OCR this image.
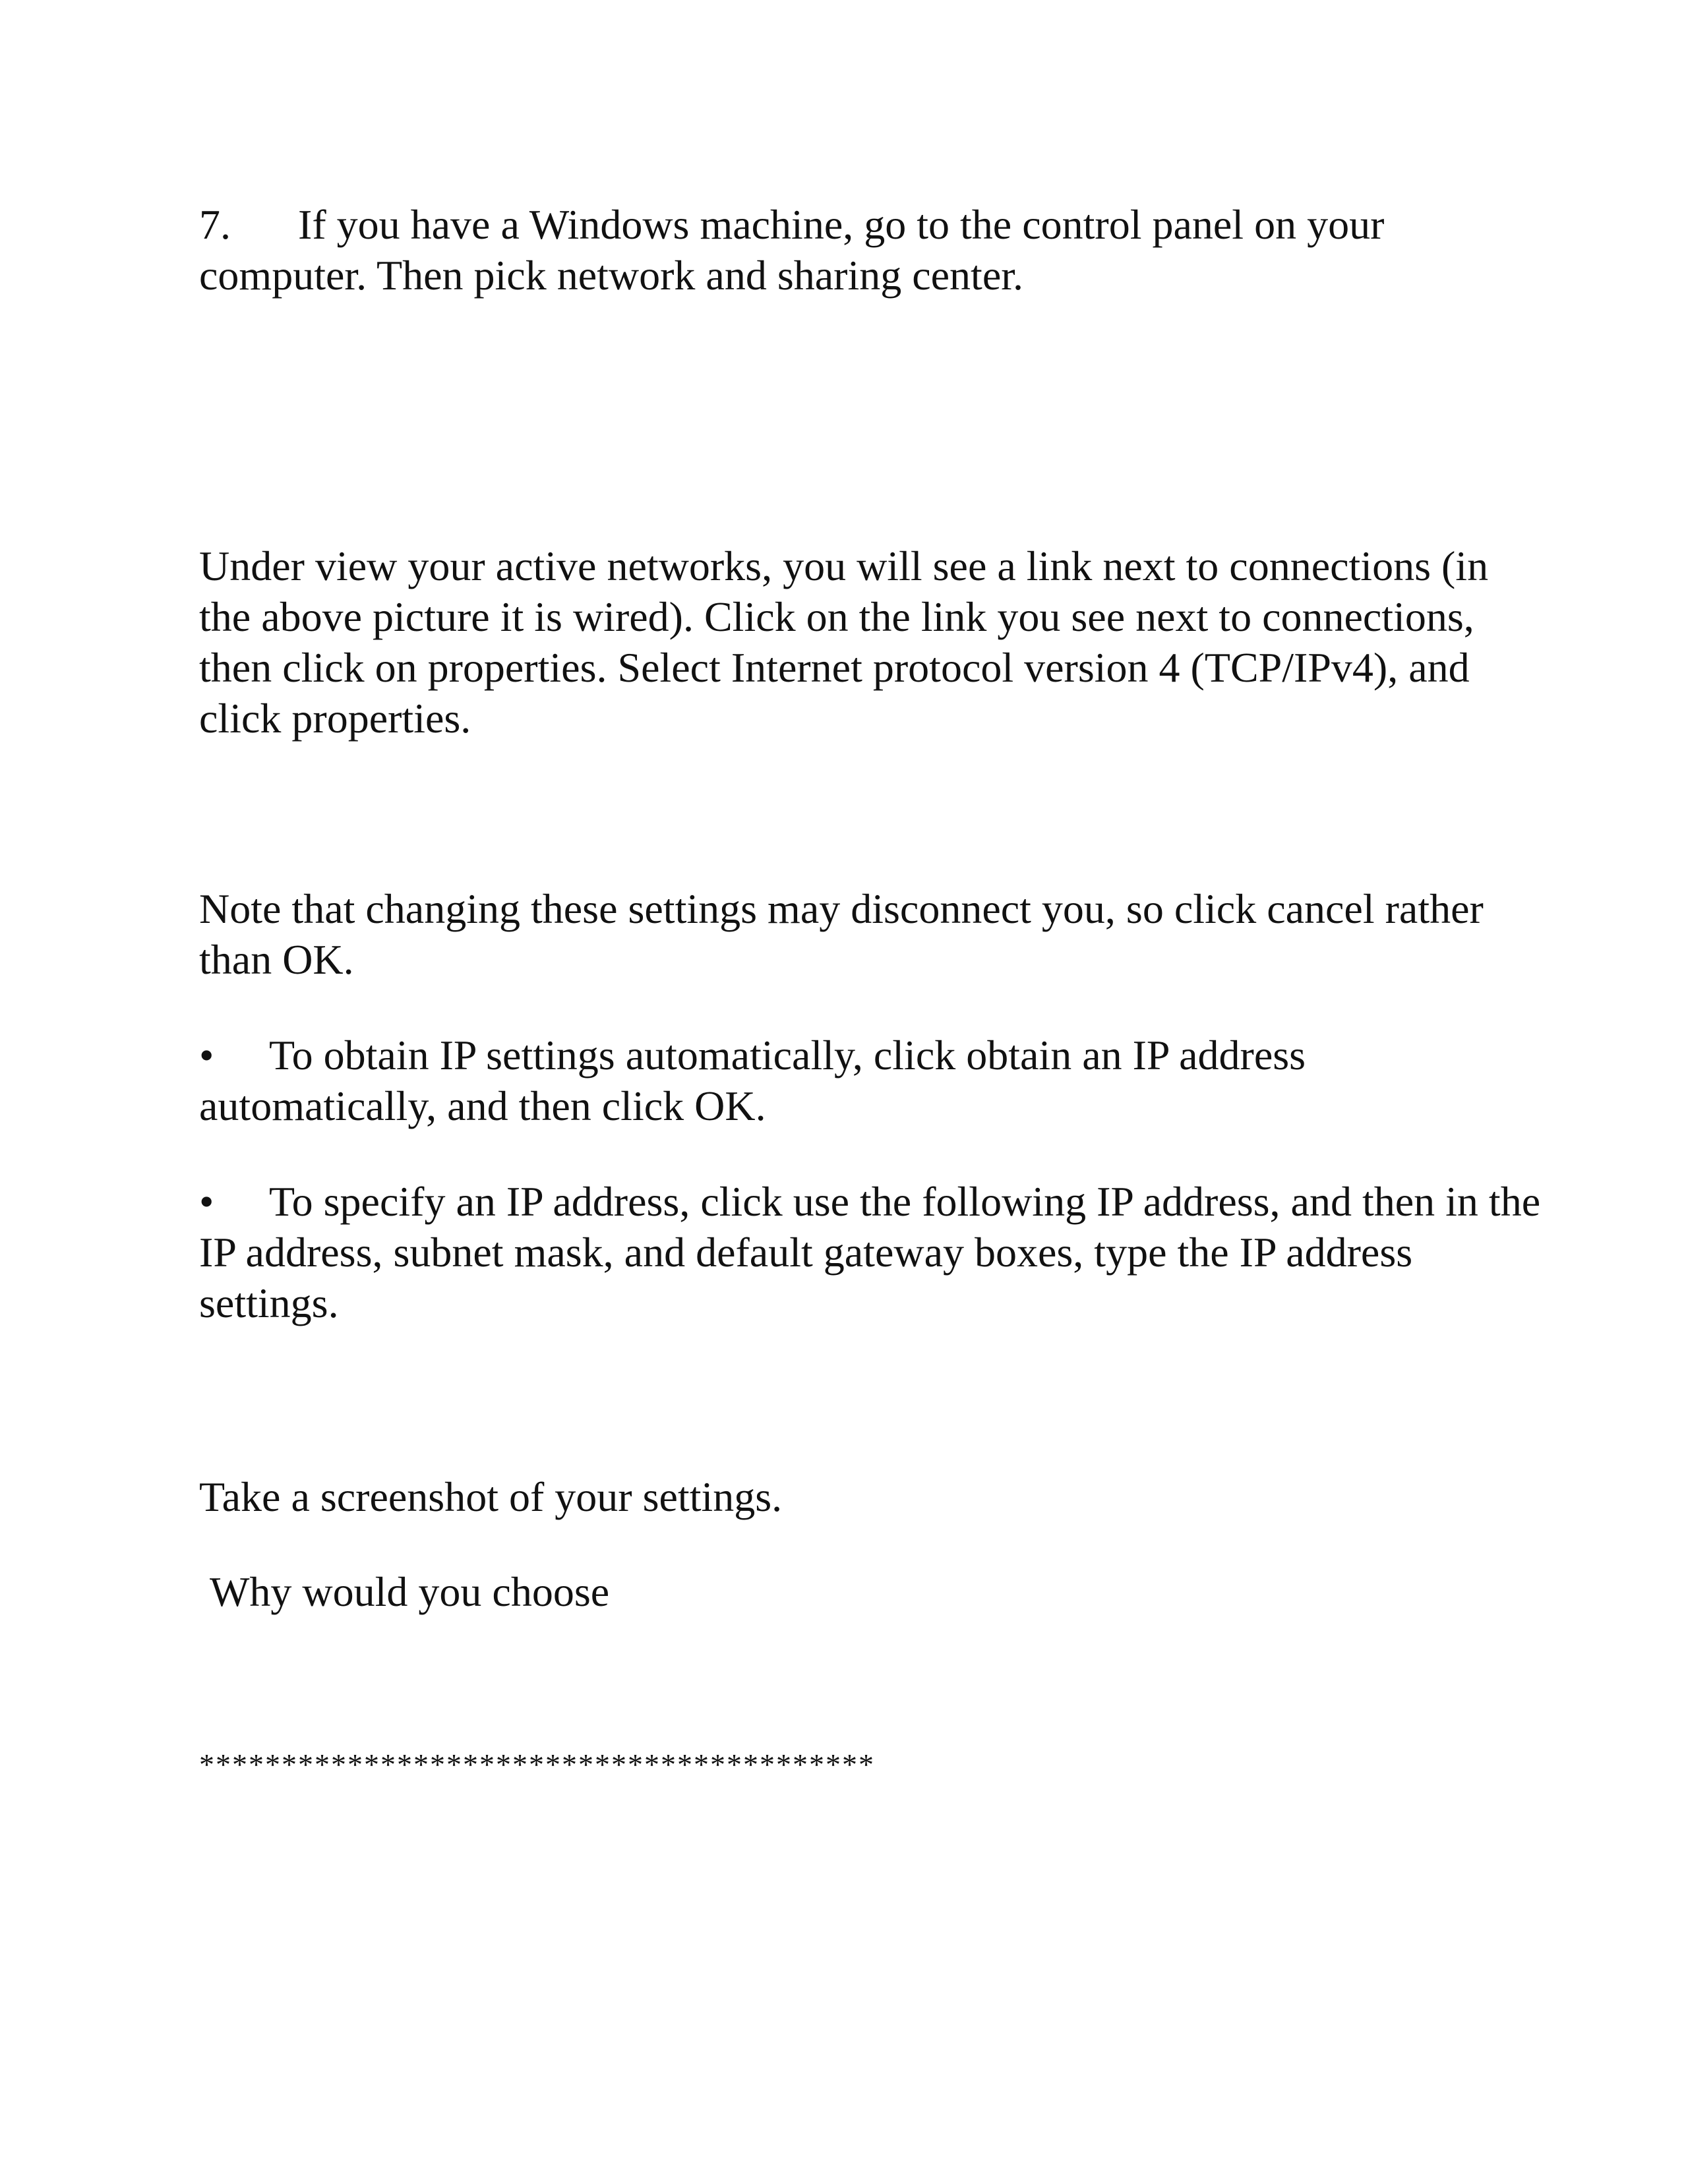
7. If you have a Windows machine, go to the control panel on your computer. Then pick network and sharing center.

Under view your active networks, you will see a link next to connections (in the above picture it is wired). Click on the link you see next to connections, then click on properties. Select Internet protocol version 4 (TCP/IPv4), and click properties.

Note that changing these settings may disconnect you, so click cancel rather than OK.

• To obtain IP settings automatically, click obtain an IP address automatically, and then click OK.

• To specify an IP address, click use the following IP address, and then in the IP address, subnet mask, and default gateway boxes, type the IP address settings.

Take a screenshot of your settings.

Why would you choose

*****************************************
